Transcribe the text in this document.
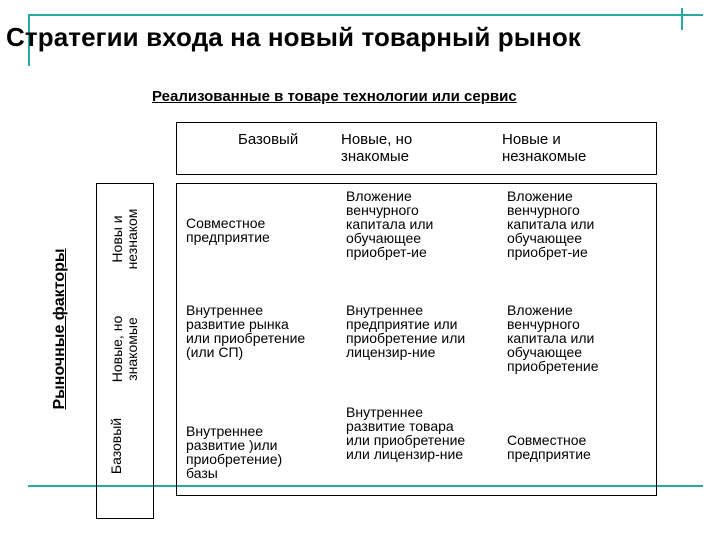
Стратегии входа на новый товарный рынок
Реализованные в товаре технологии или сервис
Рыночные факторы
Базовый	Новые, но
знакомые
Новые и
незнакомые
Новы и незнаком
Новые, но знакомые
Базовый
Совместное
предприятие
Вложение
венчурного
капитала или
обучающее
приобрет-ие
Вложение
венчурного
капитала или
обучающее
приобрет-ие
Внутреннее
развитие рынка
или приобретение
(или СП)
Внутреннее
предприятие или
приобретение или
лицензир-ние
Вложение
венчурного
капитала или
обучающее
приобретение
Внутреннее
развитие )или
приобретение)
базы
Внутреннее
развитие товара
или приобретение
или лицензир-ние
Совместное
предприятие
